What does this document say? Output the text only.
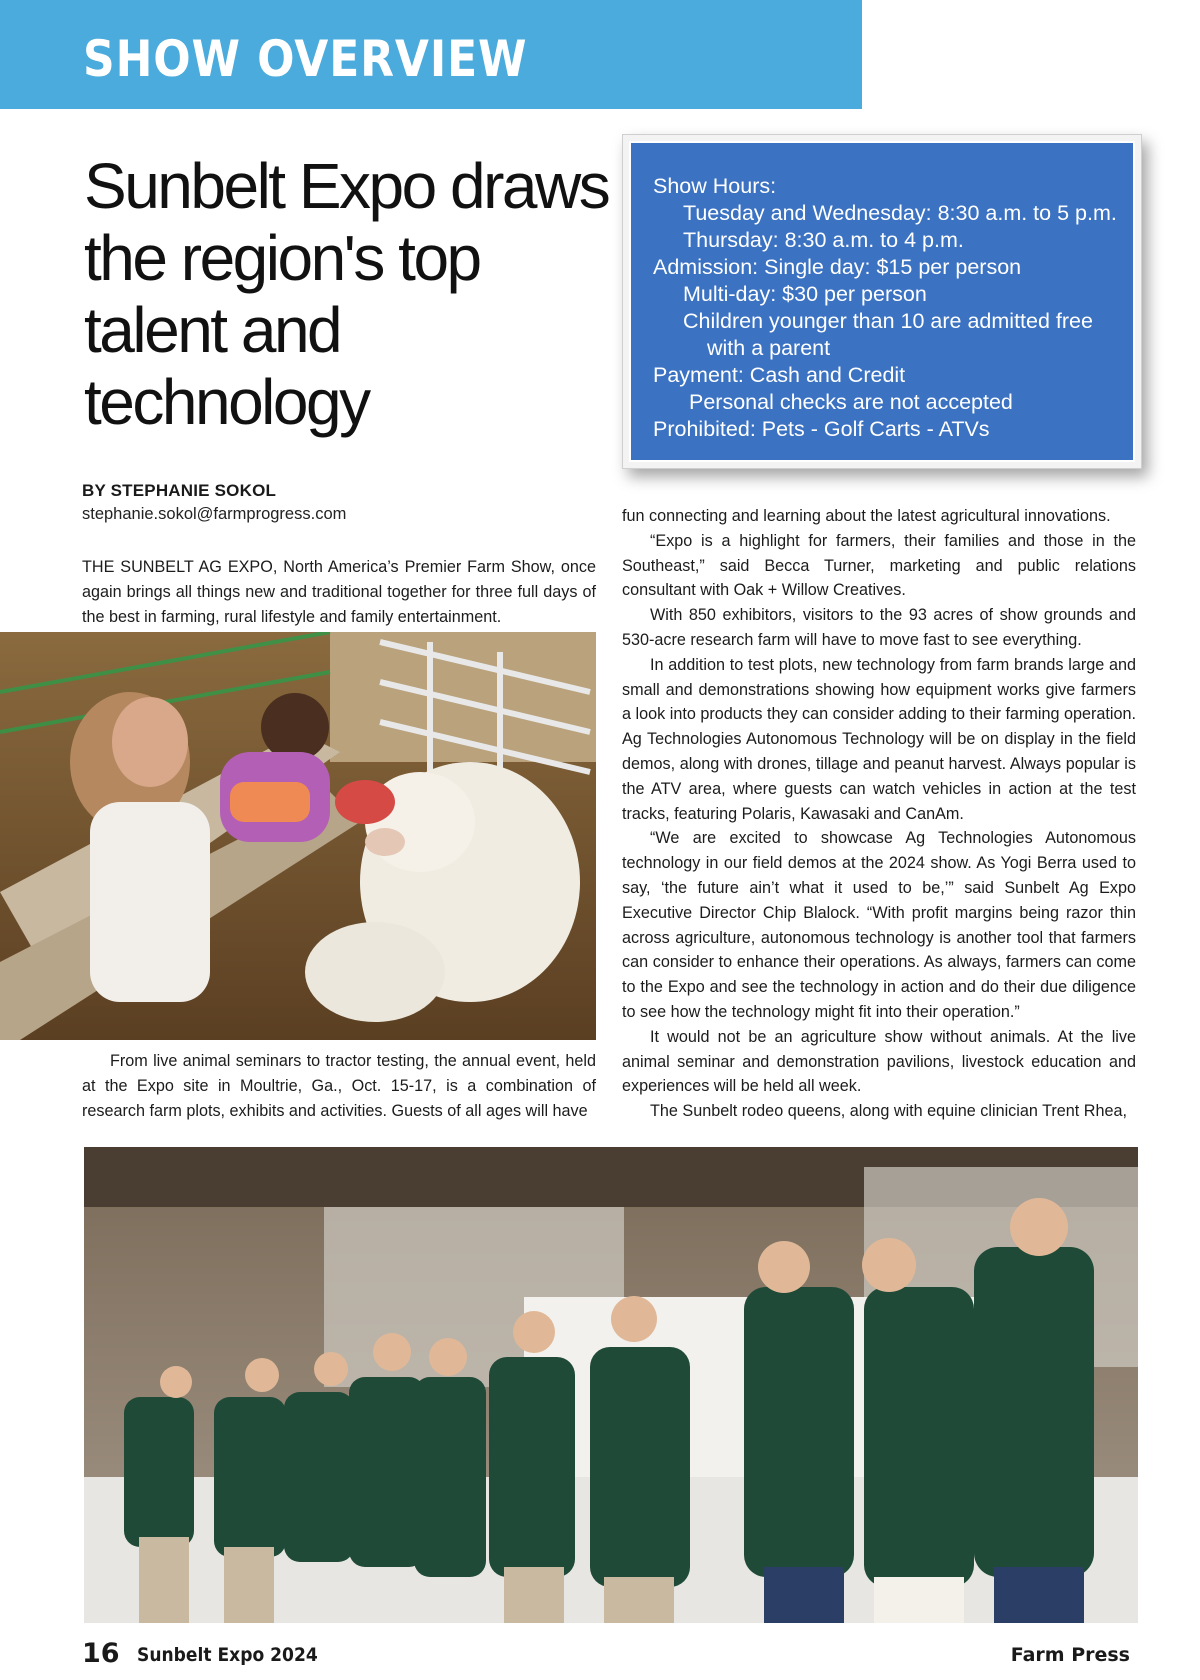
SHOW OVERVIEW
Sunbelt Expo draws the region's top talent and technology
Show Hours:
Tuesday and Wednesday: 8:30 a.m. to 5 p.m.
Thursday: 8:30 a.m. to 4 p.m.
Admission: Single day: $15 per person
Multi-day: $30 per person
Children younger than 10 are admitted free
with a parent
Payment: Cash and Credit
Personal checks are not accepted
Prohibited: Pets - Golf Carts - ATVs
BY STEPHANIE SOKOL
stephanie.sokol@farmprogress.com

THE SUNBELT AG EXPO, North America’s Premier Farm Show, once again brings all things new and traditional together for three full days of the best in farming, rural lifestyle and family entertainment.

From live animal seminars to tractor testing, the annual event, held at the Expo site in Moultrie, Ga., Oct. 15-17, is a combination of research farm plots, exhibits and activities. Guests of all ages will have

fun connecting and learning about the latest agricultural innovations.

“Expo is a highlight for farmers, their families and those in the Southeast,” said Becca Turner, marketing and public relations consultant with Oak + Willow Creatives.

With 850 exhibitors, visitors to the 93 acres of show grounds and 530-acre research farm will have to move fast to see everything.

In addition to test plots, new technology from farm brands large and small and demonstrations showing how equipment works give farmers a look into products they can consider adding to their farming operation. Ag Technologies Autonomous Technology will be on display in the field demos, along with drones, tillage and peanut harvest. Always popular is the ATV area, where guests can watch vehicles in action at the test tracks, featuring Polaris, Kawasaki and CanAm.

“We are excited to showcase Ag Technologies Autonomous technology in our field demos at the 2024 show. As Yogi Berra used to say, ‘the future ain’t what it used to be,’” said Sunbelt Ag Expo Executive Director Chip Blalock. “With profit margins being razor thin across agriculture, autonomous technology is another tool that farmers can consider to enhance their operations. As always, farmers can come to the Expo and see the technology in action and do their due diligence to see how the technology might fit into their operation.”

It would not be an agriculture show without animals. At the live animal seminar and demonstration pavilions, livestock education and experiences will be held all week.

The Sunbelt rodeo queens, along with equine clinician Trent Rhea,

16 Sunbelt Expo 2024	Farm Press
